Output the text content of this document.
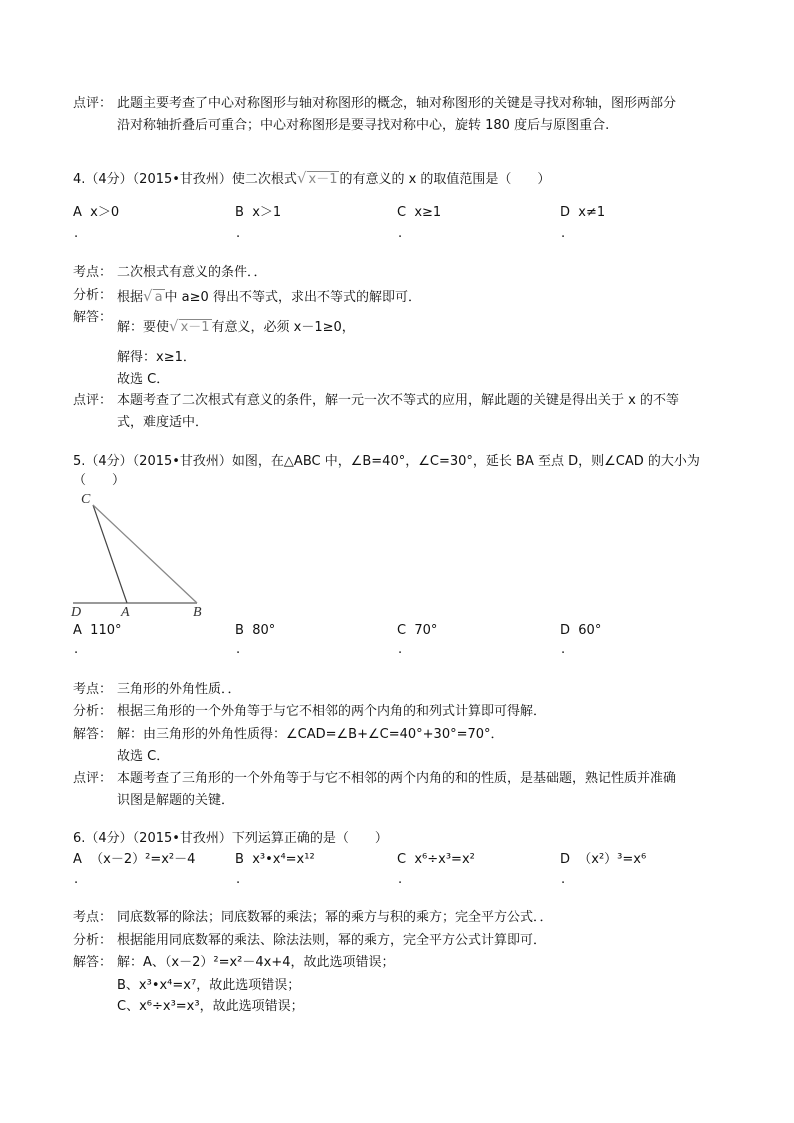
点评： 此题主要考查了中心对称图形与轴对称图形的概念，轴对称图形的关键是寻找对称轴，图形两部分
沿对称轴折叠后可重合；中心对称图形是要寻找对称中心，旋转 180 度后与原图重合.
4.（4分）（2015•甘孜州）使二次根式√ x－1 的有意义的 x 的取值范围是（　　）
A x＞0	B x＞1	C x≥1	D x≠1
.	.	.	.
考点： 二次根式有意义的条件．．
分析： 根据√ a 中 a≥0 得出不等式，求出不等式的解即可．
解答：
解：要使√ x－1 有意义，必须 x－1≥0，
解得：x≥1．
故选 C．
点评： 本题考查了二次根式有意义的条件，解一元一次不等式的应用，解此题的关键是得出关于 x 的不等
式，难度适中．
5.（4分）（2015•甘孜州）如图，在△ABC 中，∠B=40°，∠C=30°，延长 BA 至点 D，则∠CAD 的大小为
（　　）
C
D	A	B
A 110°	B 80°	C 70°	D 60°
.	.	.	.
考点： 三角形的外角性质．．
分析： 根据三角形的一个外角等于与它不相邻的两个内角的和列式计算即可得解．
解答： 解：由三角形的外角性质得：∠CAD=∠B+∠C=40°+30°=70°．
故选 C．
点评： 本题考查了三角形的一个外角等于与它不相邻的两个内角的和的性质，是基础题，熟记性质并准确
识图是解题的关键．
6.（4分）（2015•甘孜州）下列运算正确的是（　　）
A （x－2）²=x²－4	B x³•x⁴=x¹²	C x⁶÷x³=x²	D （x²）³=x⁶
.	.	.	.
考点： 同底数幂的除法；同底数幂的乘法；幂的乘方与积的乘方；完全平方公式．．
分析： 根据能用同底数幂的乘法、除法法则，幂的乘方，完全平方公式计算即可．
解答： 解：A、（x－2）²=x²－4x+4，故此选项错误；
B、x³•x⁴=x⁷，故此选项错误；
C、x⁶÷x³=x³，故此选项错误；
